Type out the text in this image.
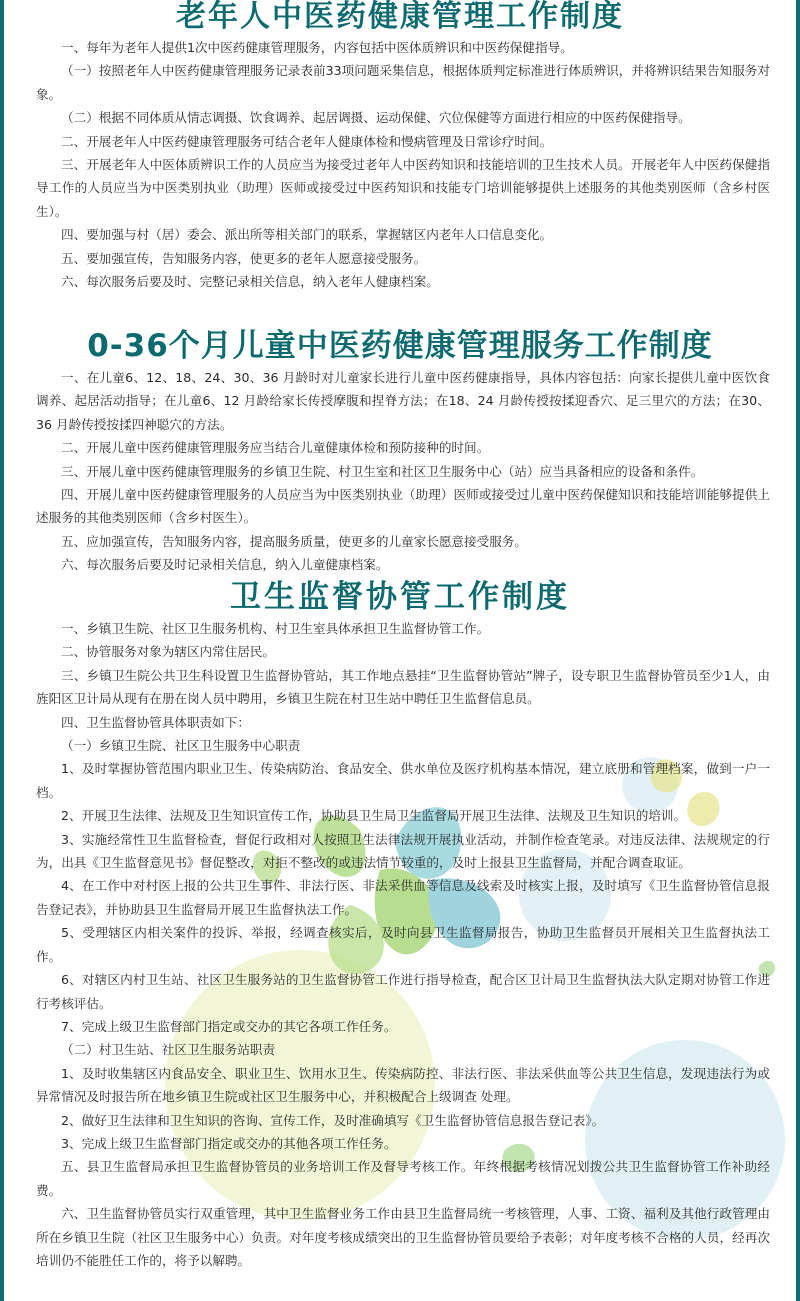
老年人中医药健康管理工作制度

一、每年为老年人提供1次中医药健康管理服务，内容包括中医体质辨识和中医药保健指导。

（一）按照老年人中医药健康管理服务记录表前33项问题采集信息，根据体质判定标准进行体质辨识，并将辨识结果告知服务对象。

（二）根据不同体质从情志调摄、饮食调养、起居调摄、运动保健、穴位保健等方面进行相应的中医药保健指导。

二、开展老年人中医药健康管理服务可结合老年人健康体检和慢病管理及日常诊疗时间。

三、开展老年人中医体质辨识工作的人员应当为接受过老年人中医药知识和技能培训的卫生技术人员。开展老年人中医药保健指导工作的人员应当为中医类别执业（助理）医师或接受过中医药知识和技能专门培训能够提供上述服务的其他类别医师（含乡村医生）。

四、要加强与村（居）委会、派出所等相关部门的联系，掌握辖区内老年人口信息变化。

五、要加强宣传，告知服务内容，使更多的老年人愿意接受服务。

六、每次服务后要及时、完整记录相关信息，纳入老年人健康档案。

0-36个月儿童中医药健康管理服务工作制度

一、在儿童6、12、18、24、30、36 月龄时对儿童家长进行儿童中医药健康指导，具体内容包括：向家长提供儿童中医饮食调养、起居活动指导；在儿童6、12 月龄给家长传授摩腹和捏脊方法；在18、24 月龄传授按揉迎香穴、足三里穴的方法；在30、36 月龄传授按揉四神聪穴的方法。

二、开展儿童中医药健康管理服务应当结合儿童健康体检和预防接种的时间。

三、开展儿童中医药健康管理服务的乡镇卫生院、村卫生室和社区卫生服务中心（站）应当具备相应的设备和条件。

四、开展儿童中医药健康管理服务的人员应当为中医类别执业（助理）医师或接受过儿童中医药保健知识和技能培训能够提供上述服务的其他类别医师（含乡村医生）。

五、应加强宣传，告知服务内容，提高服务质量，使更多的儿童家长愿意接受服务。

六、每次服务后要及时记录相关信息，纳入儿童健康档案。

卫生监督协管工作制度

一、乡镇卫生院、社区卫生服务机构、村卫生室具体承担卫生监督协管工作。

二、协管服务对象为辖区内常住居民。

三、乡镇卫生院公共卫生科设置卫生监督协管站，其工作地点悬挂“卫生监督协管站”牌子，设专职卫生监督协管员至少1人，由旌阳区卫计局从现有在册在岗人员中聘用，乡镇卫生院在村卫生站中聘任卫生监督信息员。

四、卫生监督协管具体职责如下：

（一）乡镇卫生院、社区卫生服务中心职责

1、及时掌握协管范围内职业卫生、传染病防治、食品安全、供水单位及医疗机构基本情况，建立底册和管理档案，做到一户一档。

2、开展卫生法律、法规及卫生知识宣传工作，协助县卫生局卫生监督局开展卫生法律、法规及卫生知识的培训。

3、实施经常性卫生监督检查，督促行政相对人按照卫生法律法规开展执业活动，并制作检查笔录。对违反法律、法规规定的行为，出具《卫生监督意见书》督促整改，对拒不整改的或违法情节较重的，及时上报县卫生监督局，并配合调查取证。

4、在工作中对村医上报的公共卫生事件、非法行医、非法采供血等信息及线索及时核实上报，及时填写《卫生监督协管信息报告登记表》，并协助县卫生监督局开展卫生监督执法工作。

5、受理辖区内相关案件的投诉、举报，经调查核实后，及时向县卫生监督局报告，协助卫生监督员开展相关卫生监督执法工作。

6、对辖区内村卫生站、社区卫生服务站的卫生监督协管工作进行指导检查，配合区卫计局卫生监督执法大队定期对协管工作进行考核评估。

7、完成上级卫生监督部门指定或交办的其它各项工作任务。

（二）村卫生站、社区卫生服务站职责

1、及时收集辖区内食品安全、职业卫生、饮用水卫生、传染病防控、非法行医、非法采供血等公共卫生信息，发现违法行为或异常情况及时报告所在地乡镇卫生院或社区卫生服务中心，并积极配合上级调查 处理。

2、做好卫生法律和卫生知识的咨询、宣传工作，及时准确填写《卫生监督协管信息报告登记表》。

3、完成上级卫生监督部门指定或交办的其他各项工作任务。

五、县卫生监督局承担卫生监督协管员的业务培训工作及督导考核工作。年终根据考核情况划拨公共卫生监督协管工作补助经费。

六、卫生监督协管员实行双重管理，其中卫生监督业务工作由县卫生监督局统一考核管理，人事、工资、福利及其他行政管理由所在乡镇卫生院（社区卫生服务中心）负责。对年度考核成绩突出的卫生监督协管员要给予表彰；对年度考核不合格的人员，经再次培训仍不能胜任工作的，将予以解聘。
